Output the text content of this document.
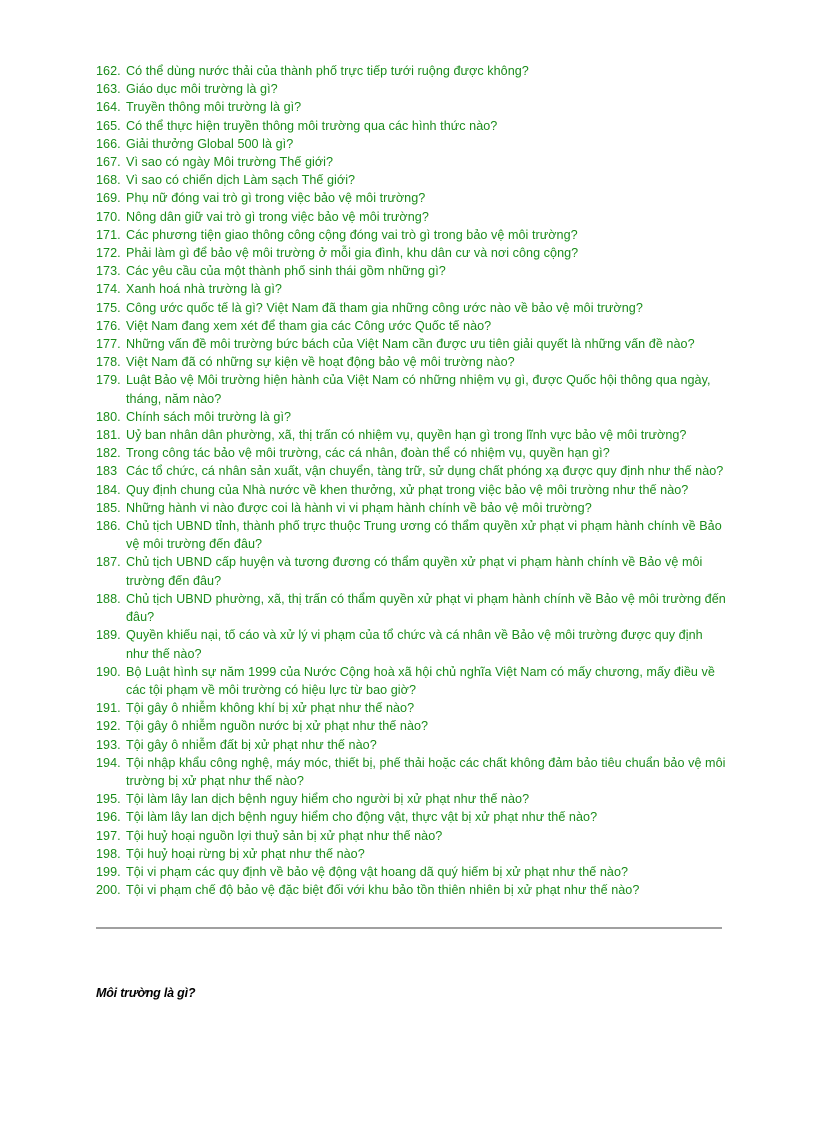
162. Có thể dùng nước thải của thành phố trực tiếp tưới ruộng được không?
163. Giáo dục môi trường là gì?
164. Truyền thông môi trường là gì?
165. Có thể thực hiện truyền thông môi trường qua các hình thức nào?
166. Giải thưởng Global 500 là gì?
167. Vì sao có ngày Môi trường Thế giới?
168. Vì sao có chiến dịch Làm sạch Thế giới?
169. Phụ nữ đóng vai trò gì trong việc bảo vệ môi trường?
170. Nông dân giữ vai trò gì trong việc bảo vệ môi trường?
171. Các phương tiện giao thông công cộng đóng vai trò gì trong bảo vệ môi trường?
172. Phải làm gì để bảo vệ môi trường ở mỗi gia đình, khu dân cư và nơi công cộng?
173. Các yêu cầu của một thành phố sinh thái gồm những gì?
174. Xanh hoá nhà trường là gì?
175. Công ước quốc tế là gì? Việt Nam đã tham gia những công ước nào về bảo vệ môi trường?
176. Việt Nam đang xem xét để tham gia các Công ước Quốc tế nào?
177. Những vấn đề môi trường bức bách của Việt Nam cần được ưu tiên giải quyết là những vấn đề nào?
178. Việt Nam đã có những sự kiện về hoạt động bảo vệ môi trường nào?
179. Luật Bảo vệ Môi trường hiện hành của Việt Nam có những nhiệm vụ gì, được Quốc hội thông qua ngày, tháng, năm nào?
180. Chính sách môi trường là gì?
181. Uỷ ban nhân dân phường, xã, thị trấn có nhiệm vụ, quyền hạn gì trong lĩnh vực bảo vệ môi trường?
182. Trong công tác bảo vệ môi trường, các cá nhân, đoàn thể có nhiệm vụ, quyền hạn gì?
183 Các tổ chức, cá nhân sản xuất, vận chuyển, tàng trữ, sử dụng chất phóng xạ được quy định như thế nào?
184. Quy định chung của Nhà nước về khen thưởng, xử phạt trong việc bảo vệ môi trường như thế nào?
185. Những hành vi nào được coi là hành vi vi phạm hành chính về bảo vệ môi trường?
186. Chủ tịch UBND tỉnh, thành phố trực thuộc Trung ương có thẩm quyền xử phạt vi phạm hành chính về Bảo vệ môi trường đến đâu?
187. Chủ tịch UBND cấp huyện và tương đương có thẩm quyền xử phạt vi phạm hành chính về Bảo vệ môi trường đến đâu?
188. Chủ tịch UBND phường, xã, thị trấn có thẩm quyền xử phạt vi phạm hành chính về Bảo vệ môi trường đến đâu?
189. Quyền khiếu nại, tố cáo và xử lý vi phạm của tổ chức và cá nhân về Bảo vệ môi trường được quy định như thế nào?
190. Bộ Luật hình sự năm 1999 của Nước Cộng hoà xã hội chủ nghĩa Việt Nam có mấy chương, mấy điều về các tội phạm về môi trường có hiệu lực từ bao giờ?
191. Tội gây ô nhiễm không khí bị xử phạt như thế nào?
192. Tội gây ô nhiễm nguồn nước bị xử phạt như thế nào?
193. Tội gây ô nhiễm đất bị xử phạt như thế nào?
194. Tội nhập khẩu công nghệ, máy móc, thiết bị, phế thải hoặc các chất không đảm bảo tiêu chuẩn bảo vệ môi trường bị xử phạt như thế nào?
195. Tội làm lây lan dịch bệnh nguy hiểm cho người bị xử phạt như thế nào?
196. Tội làm lây lan dịch bệnh nguy hiểm cho động vật, thực vật bị xử phạt như thế nào?
197. Tội huỷ hoại nguồn lợi thuỷ sản bị xử phạt như thế nào?
198. Tội huỷ hoại rừng bị xử phạt như thế nào?
199. Tội vi phạm các quy định về bảo vệ động vật hoang dã quý hiếm bị xử phạt như thế nào?
200. Tội vi phạm chế độ bảo vệ đặc biệt đối với khu bảo tồn thiên nhiên bị xử phạt như thế nào?
Môi trường là gì?
